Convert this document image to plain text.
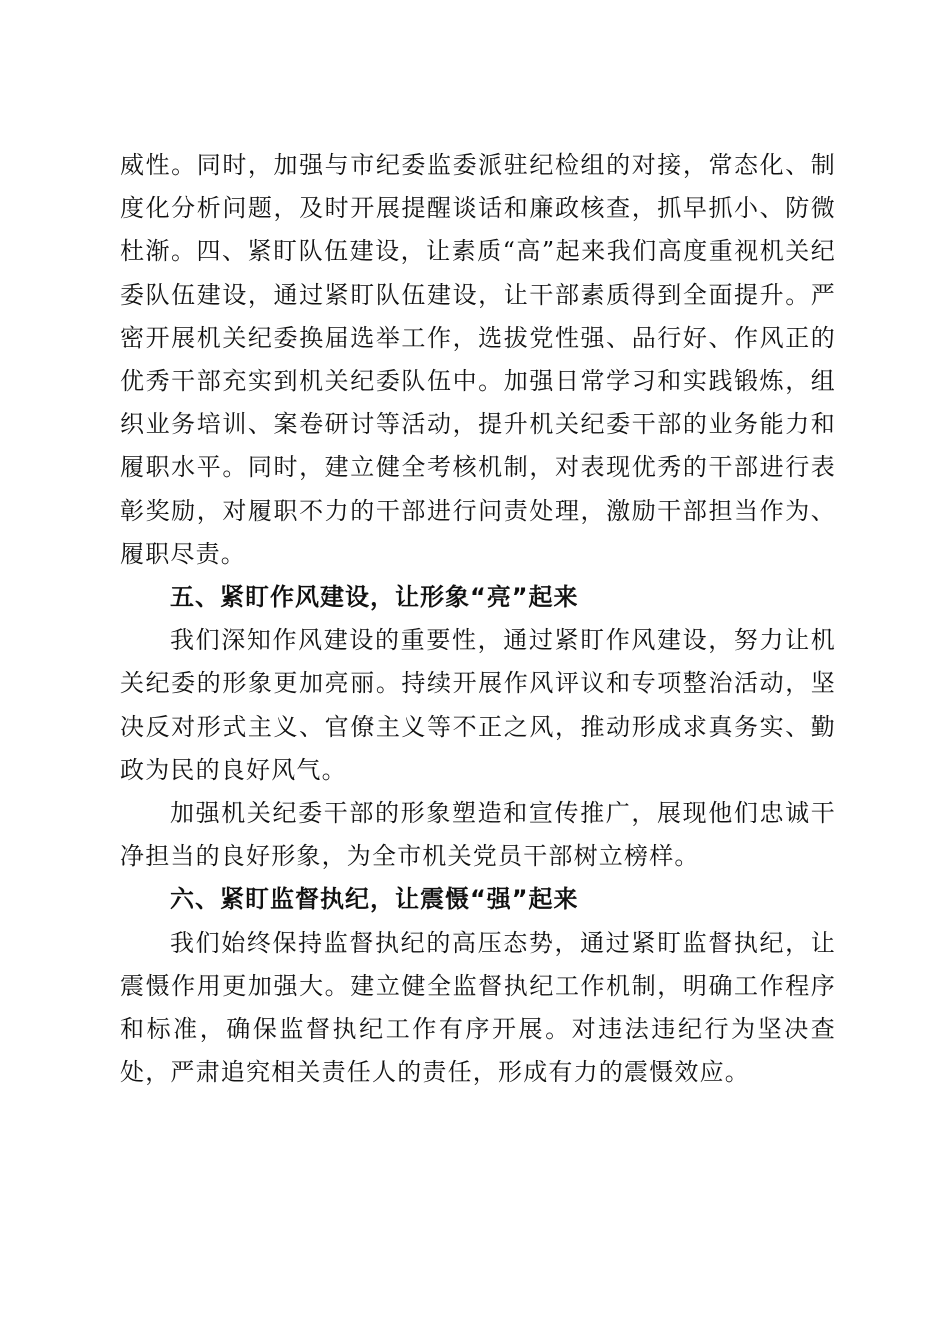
威性。同时，加强与市纪委监委派驻纪检组的对接，常态化、制度化分析问题，及时开展提醒谈话和廉政核查，抓早抓小、防微杜渐。四、紧盯队伍建设，让素质“高”起来我们高度重视机关纪委队伍建设，通过紧盯队伍建设，让干部素质得到全面提升。严密开展机关纪委换届选举工作，选拔党性强、品行好、作风正的优秀干部充实到机关纪委队伍中。加强日常学习和实践锻炼，组织业务培训、案卷研讨等活动，提升机关纪委干部的业务能力和履职水平。同时，建立健全考核机制，对表现优秀的干部进行表彰奖励，对履职不力的干部进行问责处理，激励干部担当作为、履职尽责。

五、紧盯作风建设，让形象“亮”起来

我们深知作风建设的重要性，通过紧盯作风建设，努力让机关纪委的形象更加亮丽。持续开展作风评议和专项整治活动，坚决反对形式主义、官僚主义等不正之风，推动形成求真务实、勤政为民的良好风气。

加强机关纪委干部的形象塑造和宣传推广，展现他们忠诚干净担当的良好形象，为全市机关党员干部树立榜样。

六、紧盯监督执纪，让震慑“强”起来

我们始终保持监督执纪的高压态势，通过紧盯监督执纪，让震慑作用更加强大。建立健全监督执纪工作机制，明确工作程序和标准，确保监督执纪工作有序开展。对违法违纪行为坚决查处，严肃追究相关责任人的责任，形成有力的震慑效应。
